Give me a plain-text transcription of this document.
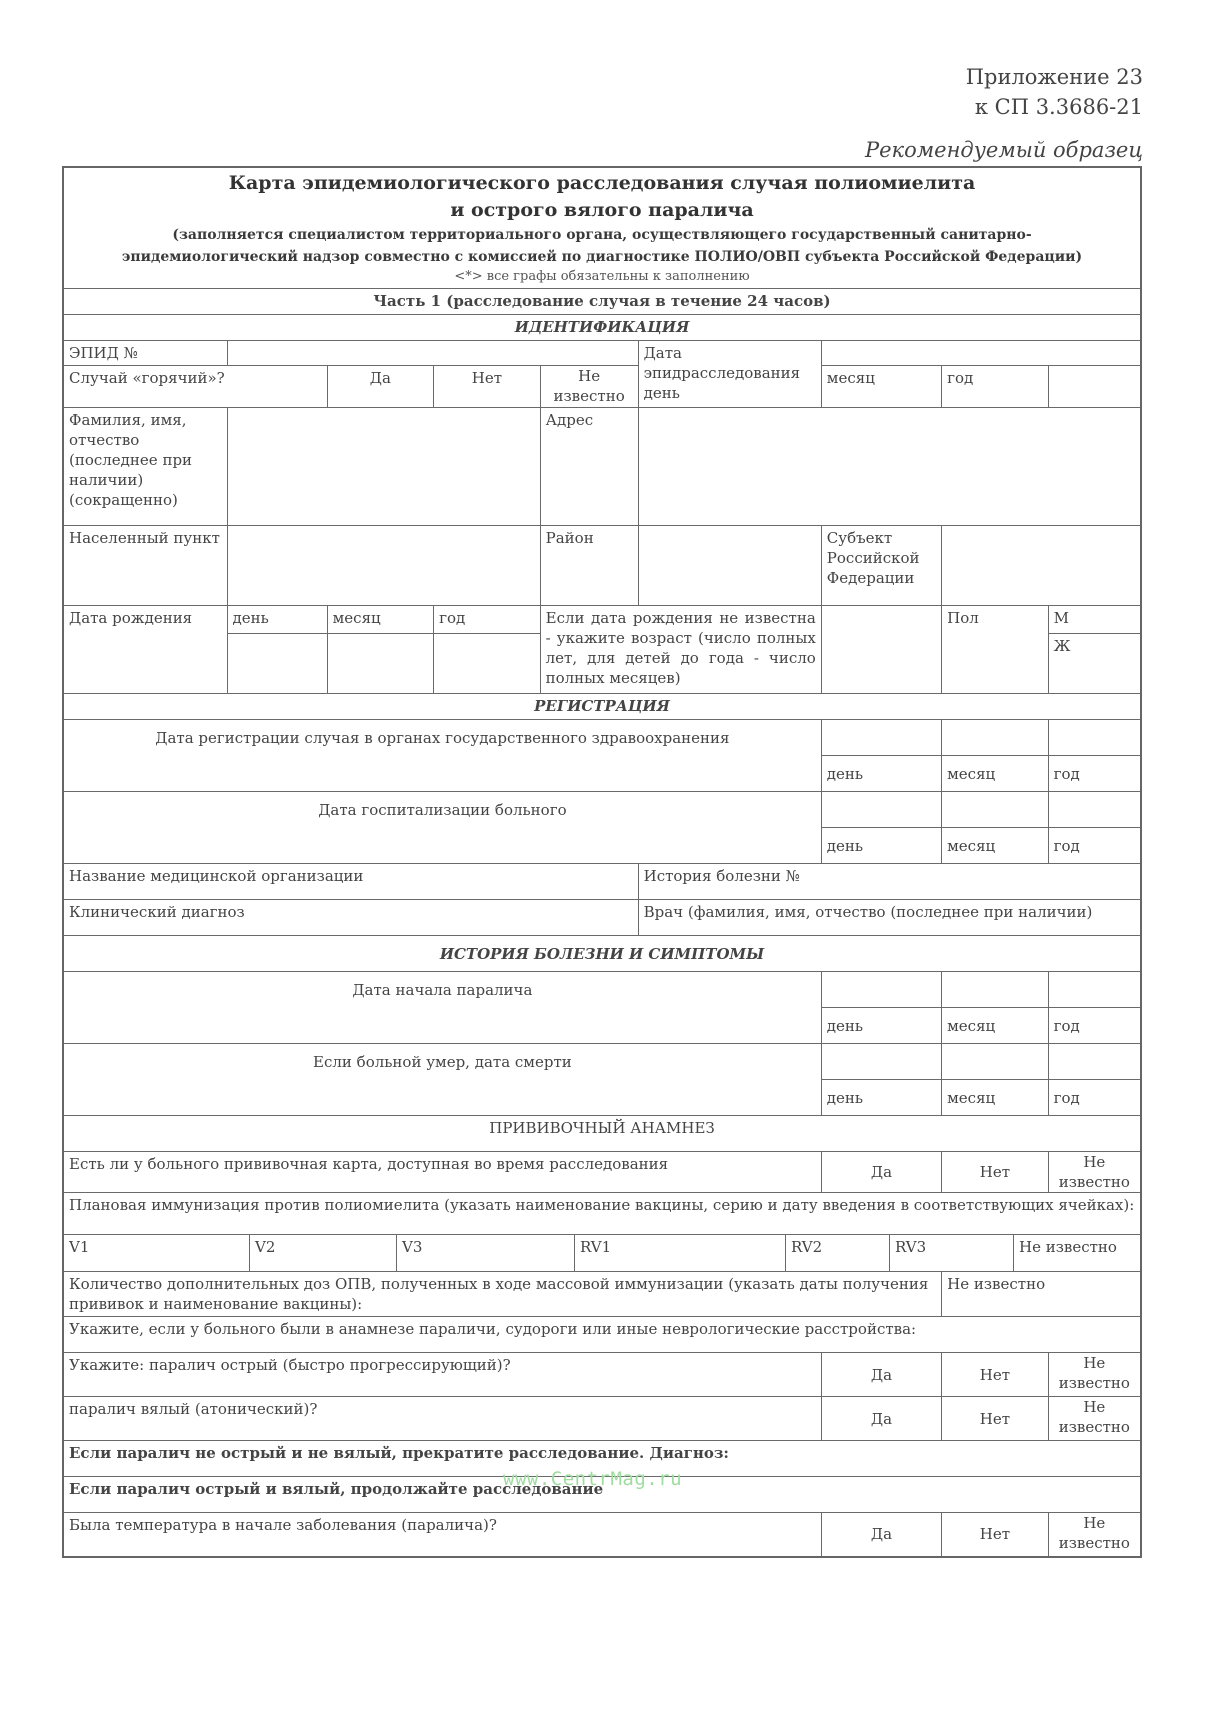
Приложение 23
к СП 3.3686-21
Рекомендуемый образец
Карта эпидемиологического расследования случая полиомиелита
и острого вялого паралича
(заполняется специалистом территориального органа, осуществляющего государственный санитарно-
эпидемиологический надзор совместно с комиссией по диагностике ПОЛИО/ОВП субъекта Российской Федерации)
<*> все графы обязательны к заполнению

Часть 1 (расследование случая в течение 24 часов)
ИДЕНТИФИКАЦИЯ
ЭПИД №		Дата эпидрасследования день	
Случай «горячий»?	Да	Нет	Не известно	месяц	год	
Фамилия, имя, отчество (последнее при наличии) (сокращенно)		Адрес	
Населенный пункт		Район		Субъект Российской Федерации	
Дата рождения	день	месяц	год	Если дата рождения не известна - укажите возраст (число полных лет, для детей до года - число полных месяцев)		Пол	М
			Ж
РЕГИСТРАЦИЯ
Дата регистрации случая в органах государственного здравоохранения			
день	месяц	год
Дата госпитализации больного			
день	месяц	год
Название медицинской организации	История болезни №
Клинический диагноз	Врач (фамилия, имя, отчество (последнее при наличии)
ИСТОРИЯ БОЛЕЗНИ И СИМПТОМЫ
Дата начала паралича			
день	месяц	год
Если больной умер, дата смерти			
день	месяц	год
ПРИВИВОЧНЫЙ АНАМНЕЗ
Есть ли у больного прививочная карта, доступная во время расследования	Да	Нет	Не известно
Плановая иммунизация против полиомиелита (указать наименование вакцины, серию и дату введения в соответствующих ячейках):

V1	V2	V3	RV1	RV2	RV3	Не известно

Количество дополнительных доз ОПВ, полученных в ходе массовой иммунизации (указать даты получения прививок и наименование вакцины):	Не известно
Укажите, если у больного были в анамнезе параличи, судороги или иные неврологические расстройства:
Укажите: паралич острый (быстро прогрессирующий)?	Да	Нет	Не известно
паралич вялый (атонический)?	Да	Нет	Не известно
Если паралич не острый и не вялый, прекратите расследование. Диагноз:
Если паралич острый и вялый, продолжайте расследование
Была температура в начале заболевания (паралича)?	Да	Нет	Не известно
www.CentrMag.ru
